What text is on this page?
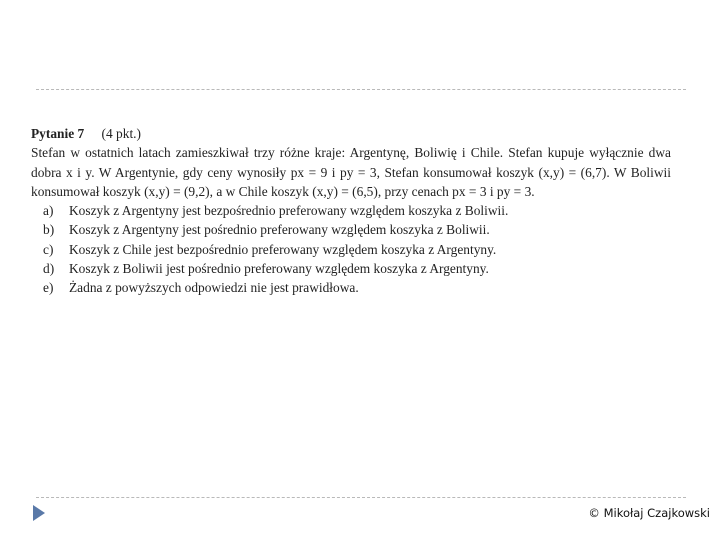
Pytanie 7 (4 pkt.)
Stefan w ostatnich latach zamieszkiwał trzy różne kraje: Argentynę, Boliwię i Chile. Stefan kupuje wyłącznie dwa dobra x i y. W Argentynie, gdy ceny wynosiły px = 9 i py = 3, Stefan konsumował koszyk (x,y) = (6,7). W Boliwii konsumował koszyk (x,y) = (9,2), a w Chile koszyk (x,y) = (6,5), przy cenach px = 3 i py = 3.
a) Koszyk z Argentyny jest bezpośrednio preferowany względem koszyka z Boliwii.
b) Koszyk z Argentyny jest pośrednio preferowany względem koszyka z Boliwii.
c) Koszyk z Chile jest bezpośrednio preferowany względem koszyka z Argentyny.
d) Koszyk z Boliwii jest pośrednio preferowany względem koszyka z Argentyny.
e) Żadna z powyższych odpowiedzi nie jest prawidłowa.
© Mikołaj Czajkowski
